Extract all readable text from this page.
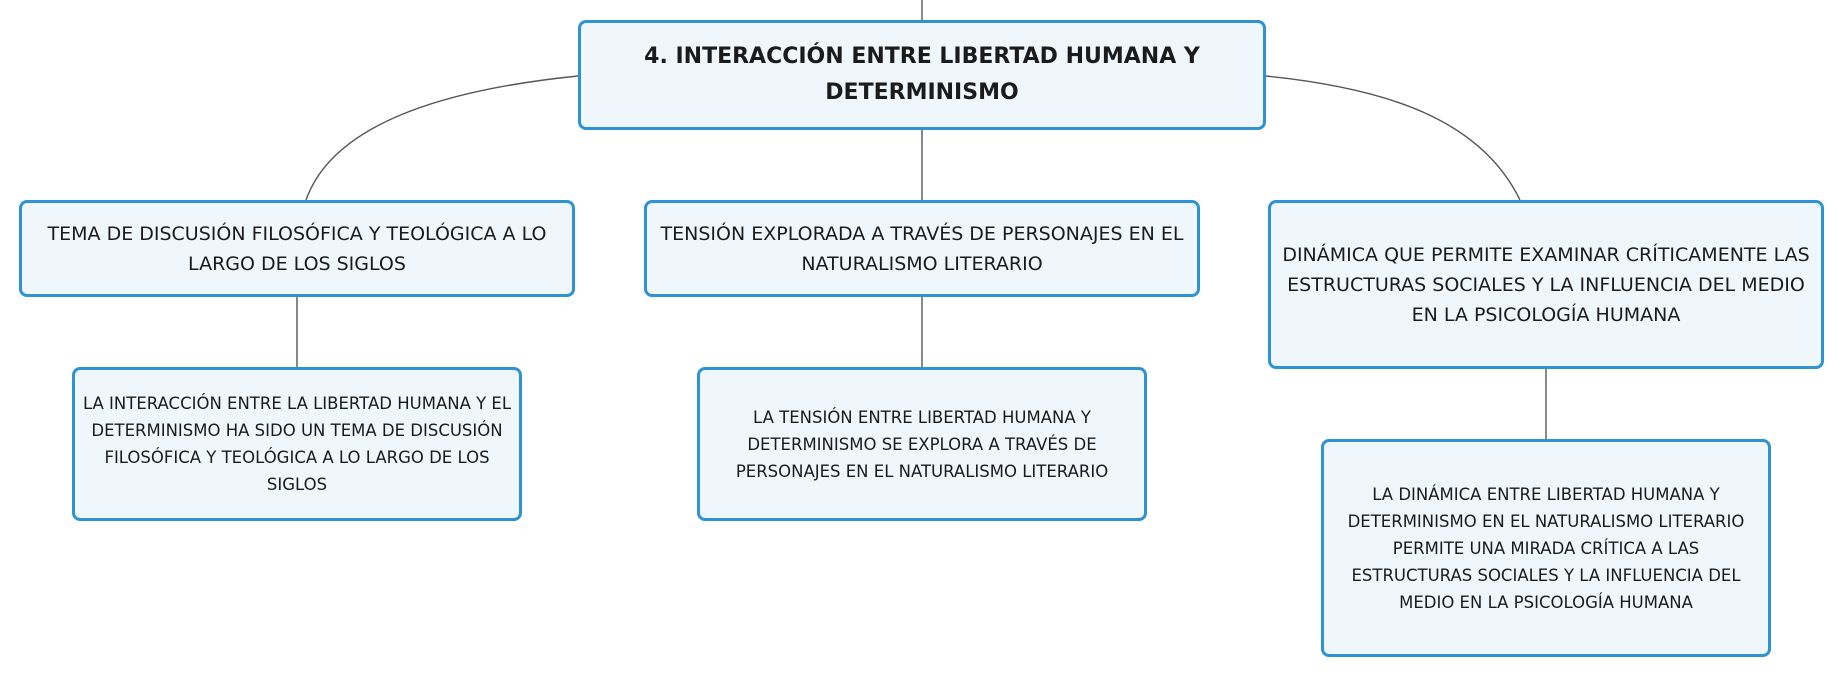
4. INTERACCIÓN ENTRE LIBERTAD HUMANA Y DETERMINISMO
TEMA DE DISCUSIÓN FILOSÓFICA Y TEOLÓGICA A LO LARGO DE LOS SIGLOS
TENSIÓN EXPLORADA A TRAVÉS DE PERSONAJES EN EL NATURALISMO LITERARIO	DINÁMICA QUE PERMITE EXAMINAR CRÍTICAMENTE LAS ESTRUCTURAS SOCIALES Y LA INFLUENCIA DEL MEDIO EN LA PSICOLOGÍA HUMANA
LA INTERACCIÓN ENTRE LA LIBERTAD HUMANA Y EL DETERMINISMO HA SIDO UN TEMA DE DISCUSIÓN FILOSÓFICA Y TEOLÓGICA A LO LARGO DE LOS SIGLOS
LA TENSIÓN ENTRE LIBERTAD HUMANA Y DETERMINISMO SE EXPLORA A TRAVÉS DE PERSONAJES EN EL NATURALISMO LITERARIO
LA DINÁMICA ENTRE LIBERTAD HUMANA Y DETERMINISMO EN EL NATURALISMO LITERARIO PERMITE UNA MIRADA CRÍTICA A LAS ESTRUCTURAS SOCIALES Y LA INFLUENCIA DEL MEDIO EN LA PSICOLOGÍA HUMANA
